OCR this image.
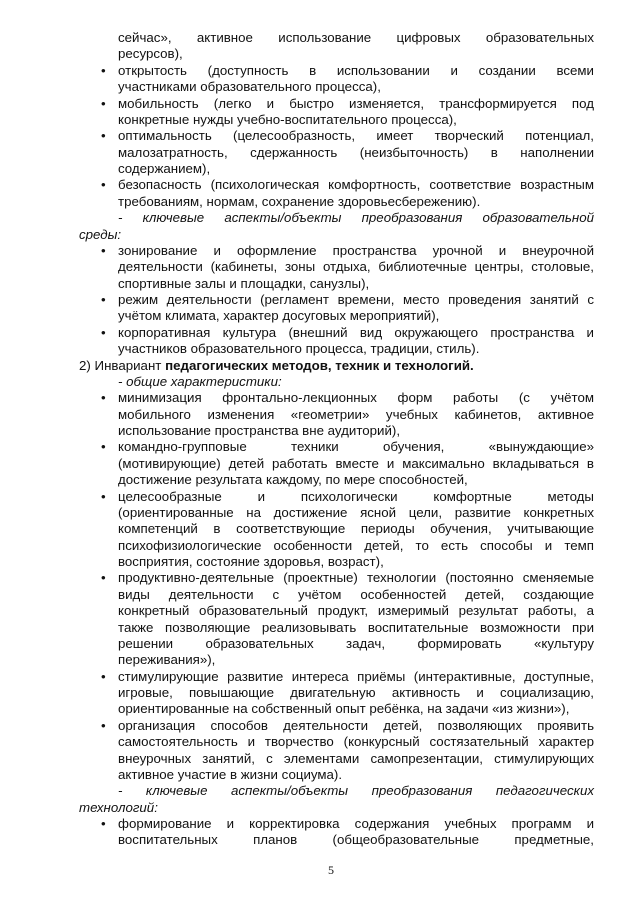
сейчас», активное использование цифровых образовательных
ресурсов),
• открытость (доступность в использовании и создании всеми
участниками образовательного процесса),
• мобильность (легко и быстро изменяется, трансформируется под
конкретные нужды учебно-воспитательного процесса),
• оптимальность (целесообразность, имеет творческий потенциал,
малозатратность, сдержанность (неизбыточность) в наполнении
содержанием),
• безопасность (психологическая комфортность, соответствие возрастным
требованиям, нормам, сохранение здоровьесбережению).
- ключевые аспекты/объекты преобразования образовательной
среды:
• зонирование и оформление пространства урочной и внеурочной
деятельности (кабинеты, зоны отдыха, библиотечные центры, столовые,
спортивные залы и площадки, санузлы),
• режим деятельности (регламент времени, место проведения занятий с
учётом климата, характер досуговых мероприятий),
• корпоративная культура (внешний вид окружающего пространства и
участников образовательного процесса, традиции, стиль).
2) Инвариант педагогических методов, техник и технологий.
- общие характеристики:
• минимизация фронтально-лекционных форм работы (с учётом
мобильного изменения «геометрии» учебных кабинетов, активное
использование пространства вне аудиторий),
• командно-групповые техники обучения, «вынуждающие»
(мотивирующие) детей работать вместе и максимально вкладываться в
достижение результата каждому, по мере способностей,
• целесообразные и психологически комфортные методы
(ориентированные на достижение ясной цели, развитие конкретных
компетенций в соответствующие периоды обучения, учитывающие
психофизиологические особенности детей, то есть способы и темп
восприятия, состояние здоровья, возраст),
• продуктивно-деятельные (проектные) технологии (постоянно сменяемые
виды деятельности с учётом особенностей детей, создающие
конкретный образовательный продукт, измеримый результат работы, а
также позволяющие реализовывать воспитательные возможности при
решении образовательных задач, формировать «культуру
переживания»),
• стимулирующие развитие интереса приёмы (интерактивные, доступные,
игровые, повышающие двигательную активность и социализацию,
ориентированные на собственный опыт ребёнка, на задачи «из жизни»),
• организация способов деятельности детей, позволяющих проявить
самостоятельность и творчество (конкурсный состязательный характер
внеурочных занятий, с элементами самопрезентации, стимулирующих
активное участие в жизни социума).
- ключевые аспекты/объекты преобразования педагогических
технологий:
• формирование и корректировка содержания учебных программ и
воспитательных планов (общеобразовательные предметные,
5
